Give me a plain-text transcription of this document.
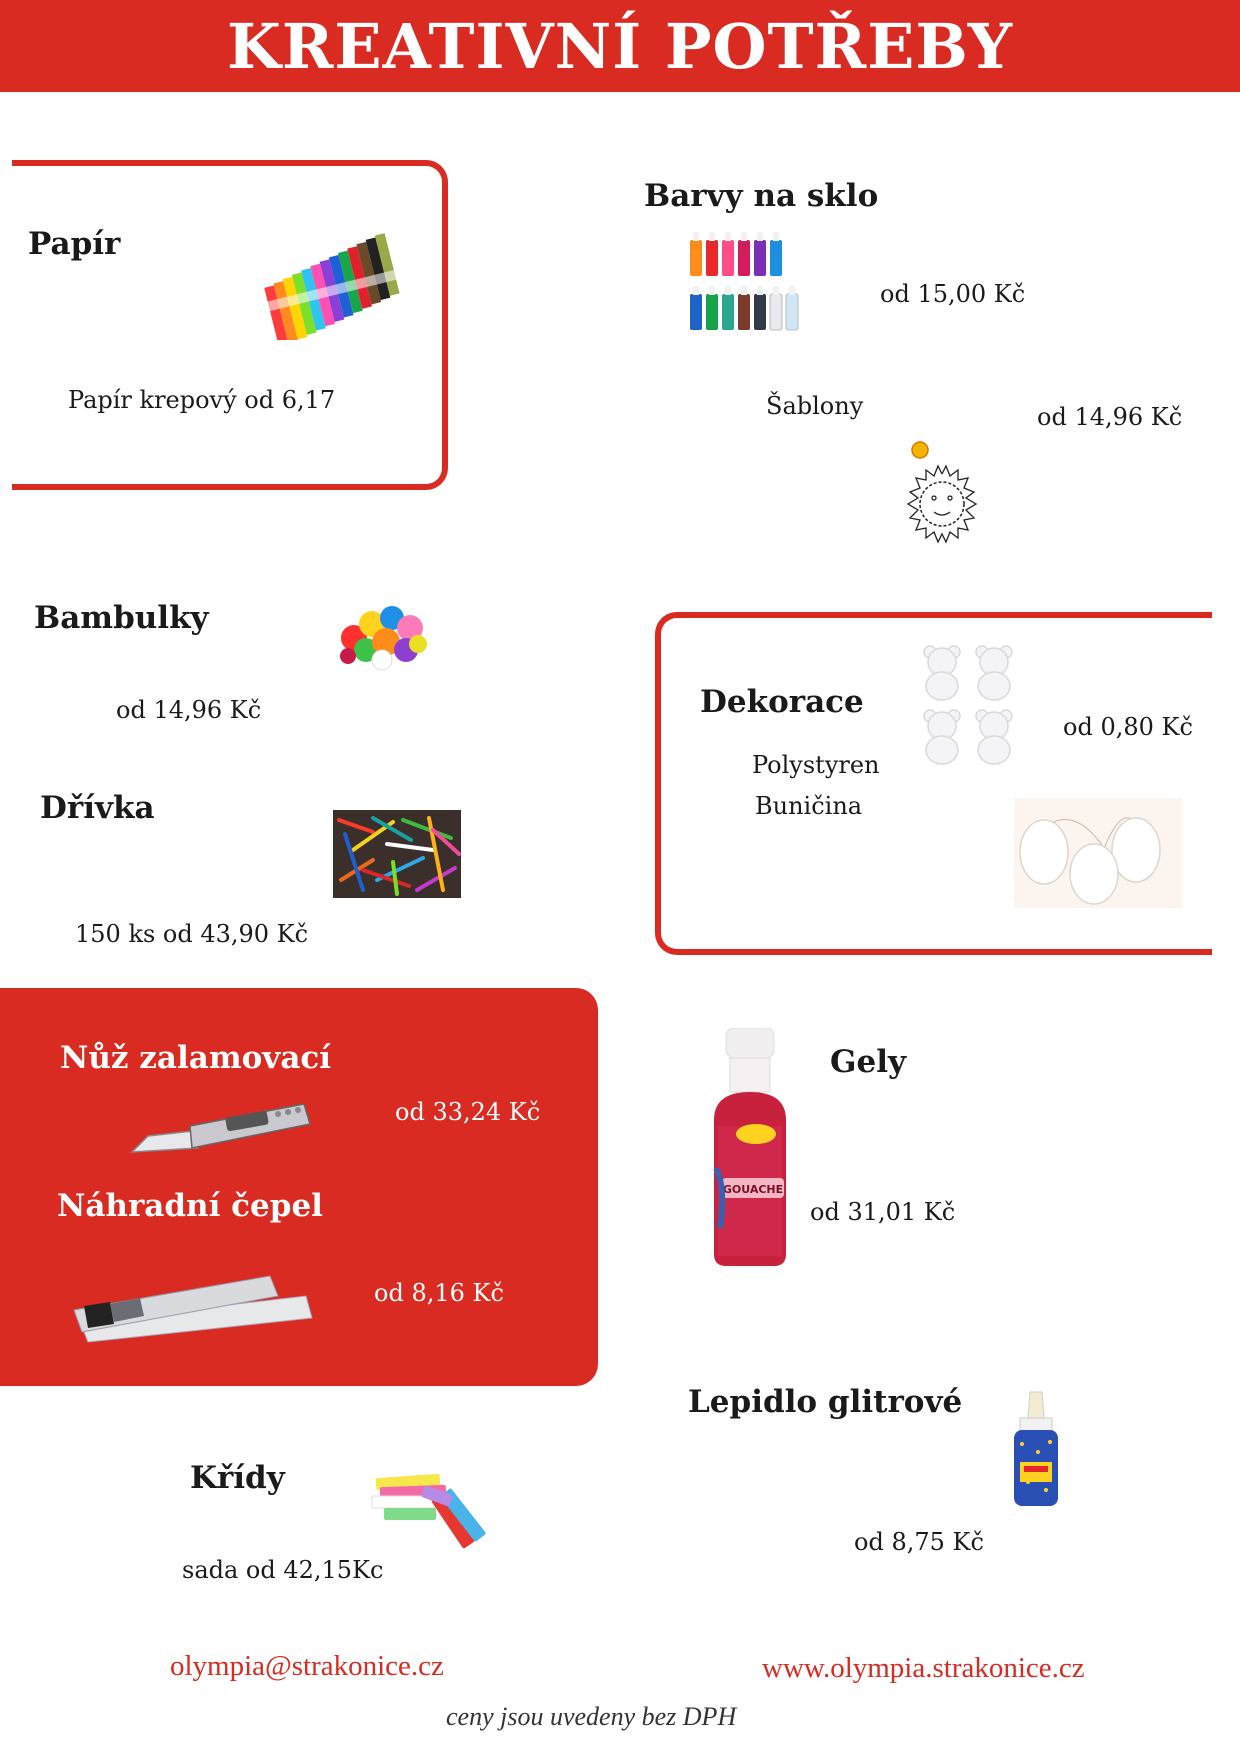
KREATIVNÍ POTŘEBY
Papír
Papír krepový od 6,17
Barvy na sklo
od 15,00 Kč
Šablony	od 14,96 Kč
Bambulky
od 14,96 Kč
Dřívka
150 ks od 43,90 Kč
Dekorace
od 0,80 Kč
Polystyren
Buničina
Nůž zalamovací
od 33,24 Kč
Náhradní čepel
od 8,16 Kč
GOUACHE
Gely
od 31,01 Kč
Lepidlo glitrové
od 8,75 Kč
Křídy
sada od 42,15Kc
olympia@strakonice.cz	www.olympia.strakonice.cz
ceny jsou uvedeny bez DPH
